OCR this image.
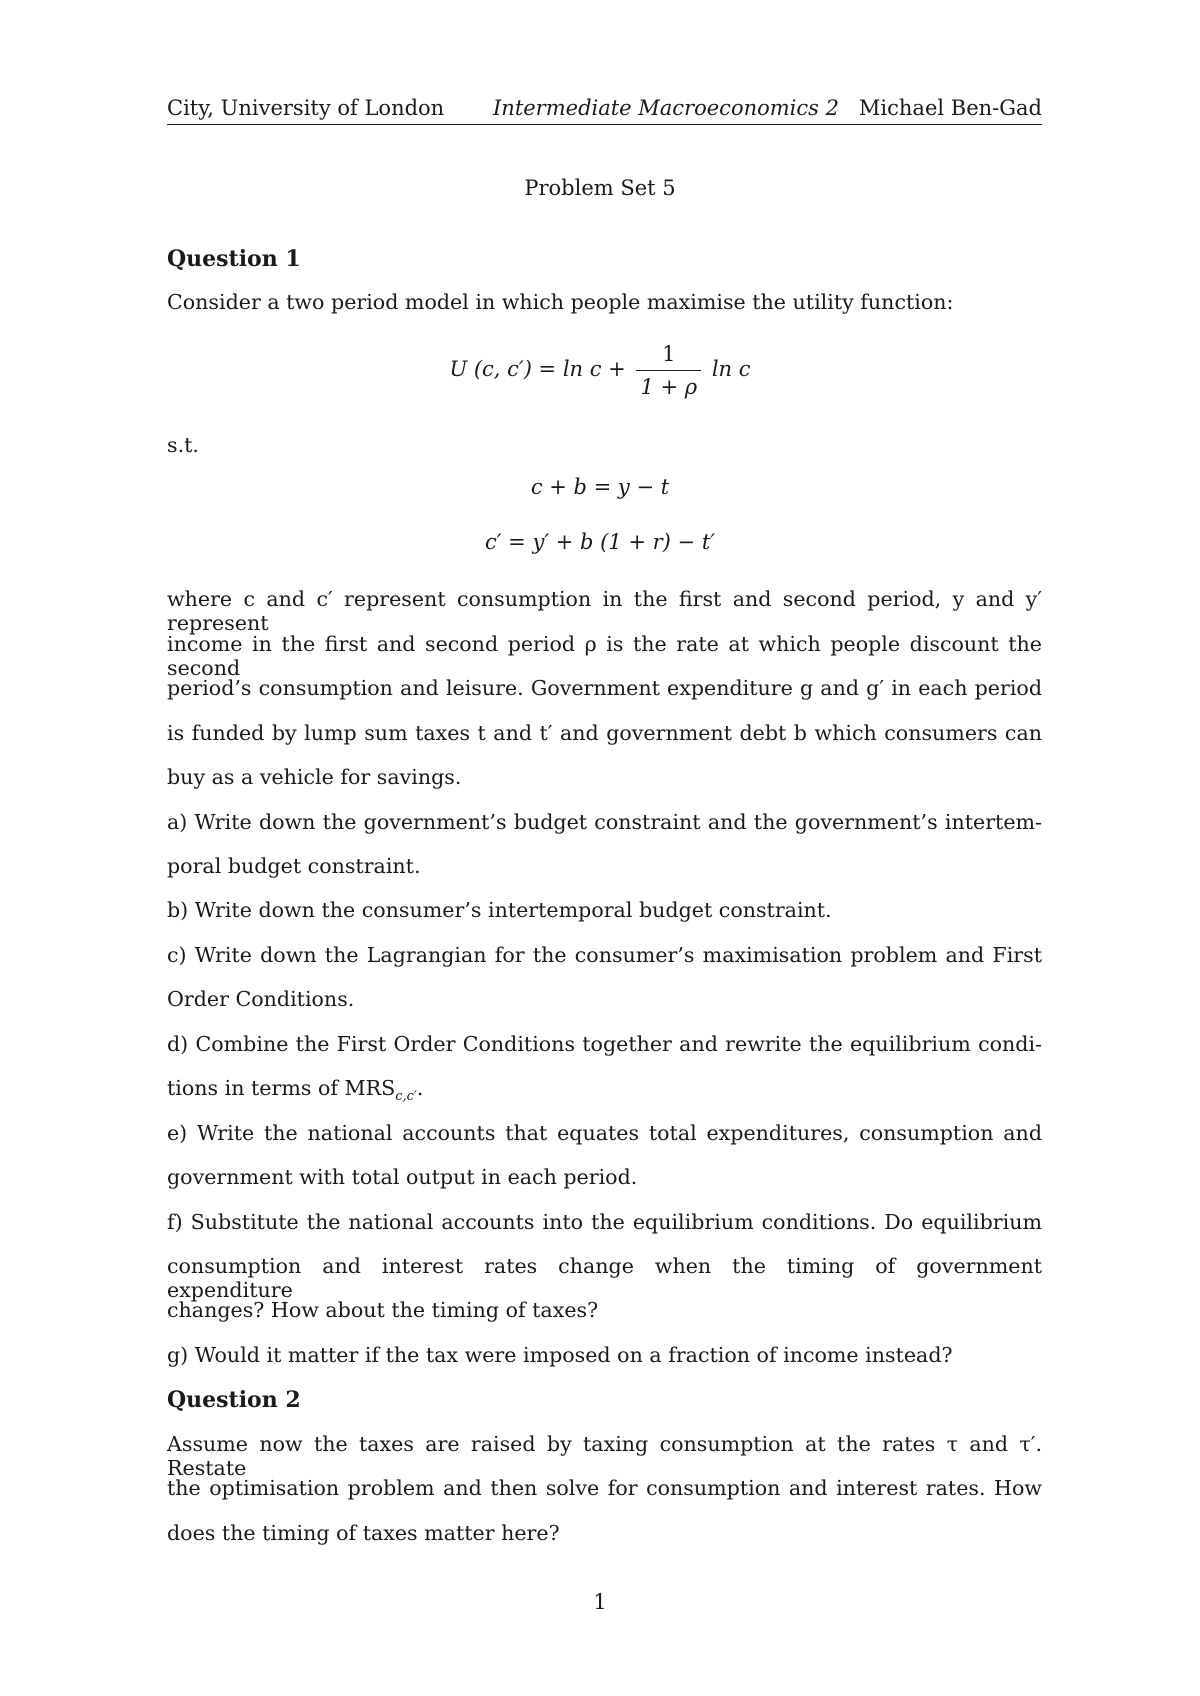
City, University of London Intermediate Macroeconomics 2 Michael Ben-Gad
Problem Set 5
Question 1
Consider a two period model in which people maximise the utility function:
U (c, $c') = \ln c + \frac{1}{1 + \rho}$ ln c
s.t.
c + b = y − t
c′ = y′ + b (1 + r) − t′
where c and c′ represent consumption in the first and second period, y and y′ represent
income in the first and second period ρ is the rate at which people discount the second
period’s consumption and leisure. Government expenditure g and g′ in each period
is funded by lump sum taxes t and t′ and government debt b which consumers can
buy as a vehicle for savings.
a) Write down the government’s budget constraint and the government’s intertem-
poral budget constraint.
b) Write down the consumer’s intertemporal budget constraint.
c) Write down the Lagrangian for the consumer’s maximisation problem and First
Order Conditions.
d) Combine the First Order Conditions together and rewrite the equilibrium condi-
tions in terms of $MRS_{c,c'}$.
e) Write the national accounts that equates total expenditures, consumption and
government with total output in each period.
f) Substitute the national accounts into the equilibrium conditions. Do equilibrium
consumption and interest rates change when the timing of government expenditure
changes? How about the timing of taxes?
g) Would it matter if the tax were imposed on a fraction of income instead?
Question 2
Assume now the taxes are raised by taxing consumption at the rates τ and τ′. Restate
the optimisation problem and then solve for consumption and interest rates. How
does the timing of taxes matter here?
1
